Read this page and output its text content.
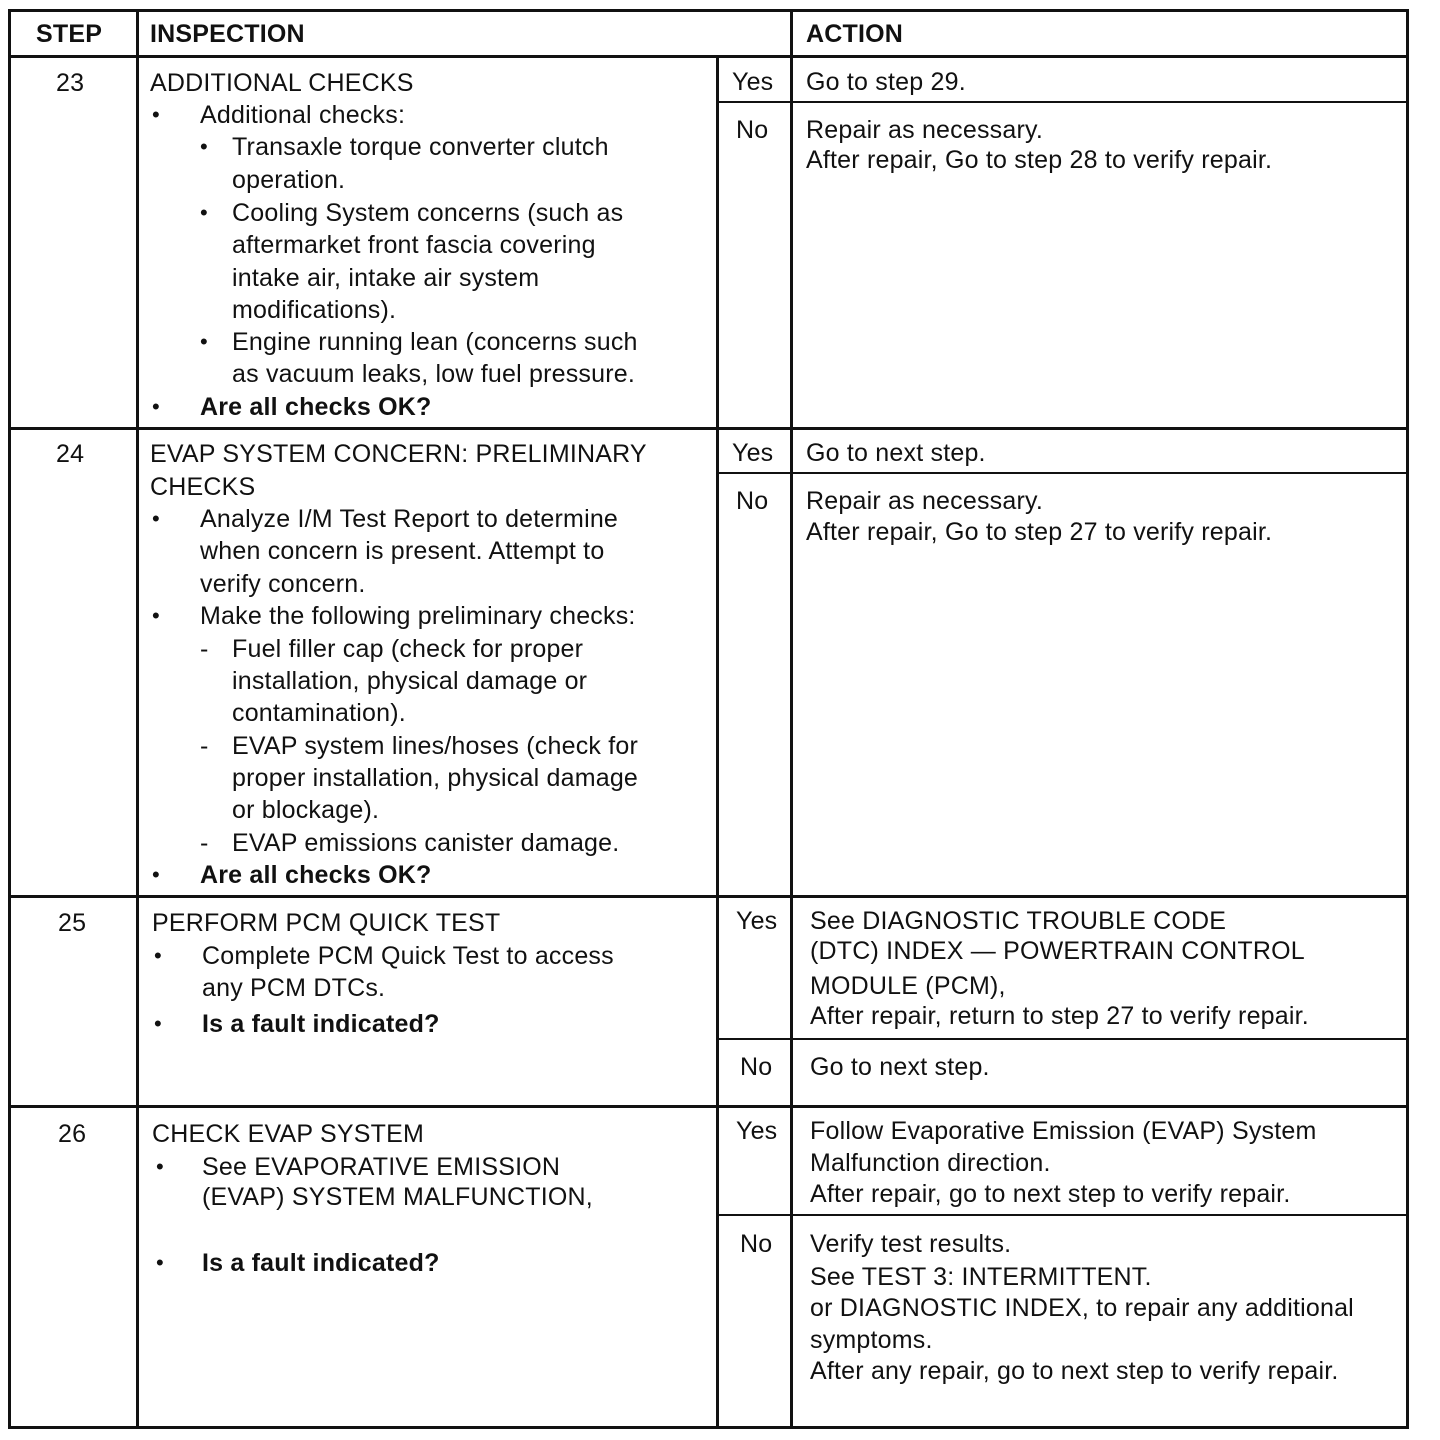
STEP INSPECTION	ACTION
23	ADDITIONAL CHECKS
• Additional checks:
• Transaxle torque converter clutch
operation.
• Cooling System concerns (such as
aftermarket front fascia covering
intake air, intake air system
modifications).
• Engine running lean (concerns such
as vacuum leaks, low fuel pressure.
• Are all checks OK?
Yes Go to step 29.
No Repair as necessary.
After repair, Go to step 28 to verify repair.
24	EVAP SYSTEM CONCERN: PRELIMINARY
CHECKS
• Analyze I/M Test Report to determine
when concern is present. Attempt to
verify concern.
• Make the following preliminary checks:
- Fuel filler cap (check for proper
installation, physical damage or
contamination).
- EVAP system lines/hoses (check for
proper installation, physical damage
or blockage).
- EVAP emissions canister damage.
• Are all checks OK?
Yes Go to next step.
No Repair as necessary.
After repair, Go to step 27 to verify repair.
25	PERFORM PCM QUICK TEST
• Complete PCM Quick Test to access
any PCM DTCs.
• Is a fault indicated?
Yes See DIAGNOSTIC TROUBLE CODE
(DTC) INDEX — POWERTRAIN CONTROL
MODULE (PCM),
After repair, return to step 27 to verify repair.
No Go to next step.
26	CHECK EVAP SYSTEM
• See EVAPORATIVE EMISSION
(EVAP) SYSTEM MALFUNCTION,
• Is a fault indicated?
Yes Follow Evaporative Emission (EVAP) System
Malfunction direction.
After repair, go to next step to verify repair.
No Verify test results.
See TEST 3: INTERMITTENT.
or DIAGNOSTIC INDEX, to repair any additional
symptoms.
After any repair, go to next step to verify repair.
